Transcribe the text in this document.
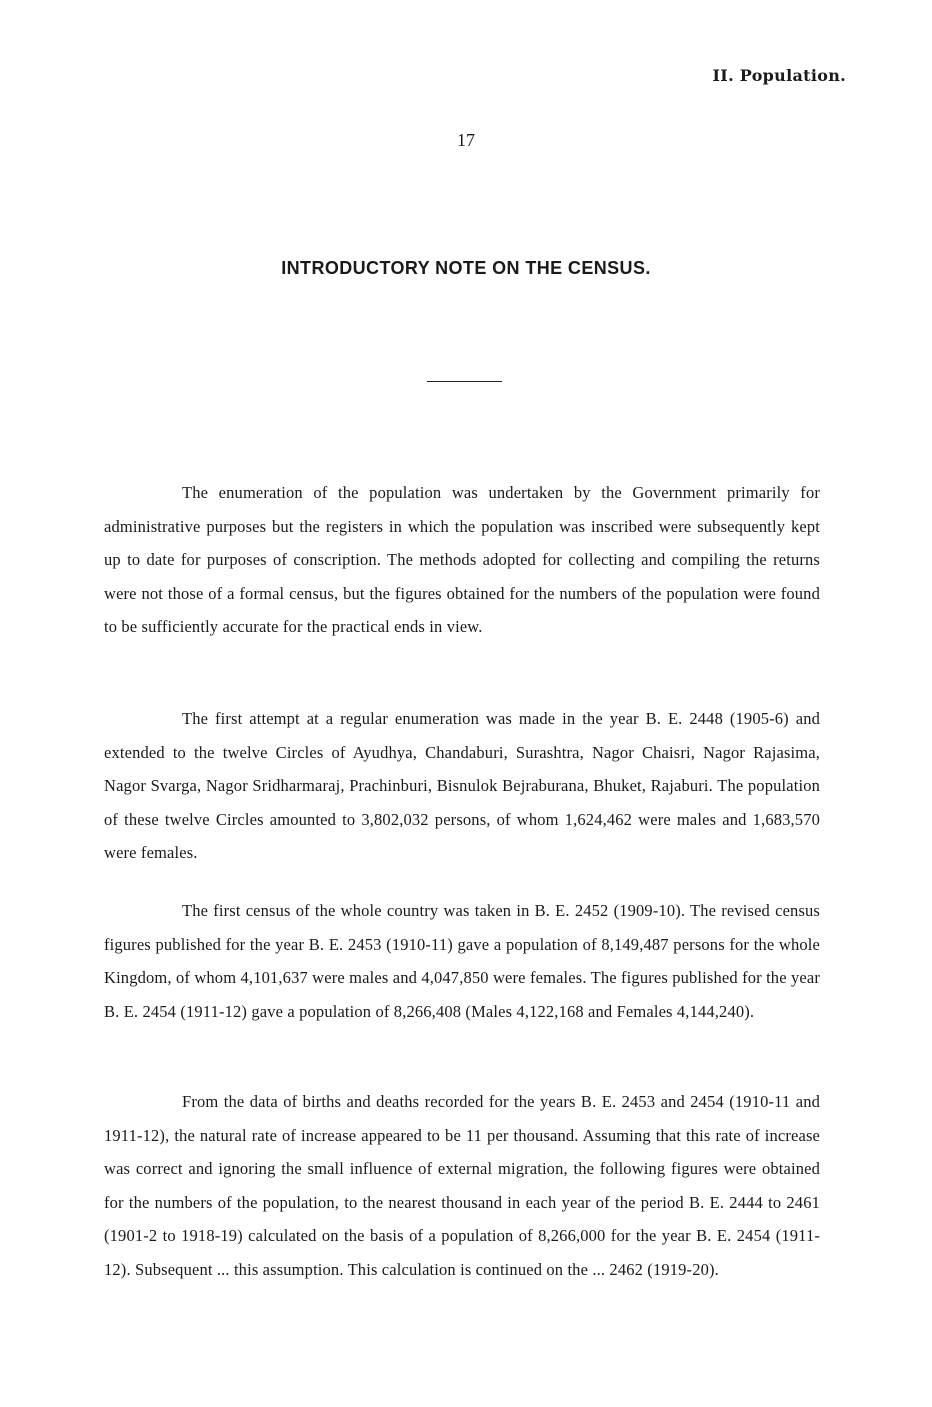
II. Population.
17
INTRODUCTORY NOTE ON THE CENSUS.

The enumeration of the population was undertaken by the Government primarily for administrative purposes but the registers in which the population was inscribed were subsequently kept up to date for purposes of conscription. The methods adopted for collecting and compiling the returns were not those of a formal census, but the figures obtained for the numbers of the population were found to be sufficiently accurate for the practical ends in view.

The first attempt at a regular enumeration was made in the year B. E. 2448 (1905-6) and extended to the twelve Circles of Ayudhya, Chandaburi, Surashtra, Nagor Chaisri, Nagor Rajasima, Nagor Svarga, Nagor Sridharmaraj, Prachinburi, Bisnulok Bejraburana, Bhuket, Rajaburi. The population of these twelve Circles amounted to 3,802,032 persons, of whom 1,624,462 were males and 1,683,570 were females.

The first census of the whole country was taken in B. E. 2452 (1909-10). The revised census figures published for the year B. E. 2453 (1910-11) gave a population of 8,149,487 persons for the whole Kingdom, of whom 4,101,637 were males and 4,047,850 were females. The figures published for the year B. E. 2454 (1911-12) gave a population of 8,266,408 (Males 4,122,168 and Females 4,144,240).

From the data of births and deaths recorded for the years B. E. 2453 and 2454 (1910-11 and 1911-12), the natural rate of increase appeared to be 11 per thousand. Assuming that this rate of increase was correct and ignoring the small influence of external migration, the following figures were obtained for the numbers of the population, to the nearest thousand in each year of the period B. E. 2444 to 2461 (1901-2 to 1918-19) calculated on the basis of a population of 8,266,000 for the year B. E. 2454 (1911-12). Subsequent ... this assumption. This calculation is continued on the ... 2462 (1919-20).
